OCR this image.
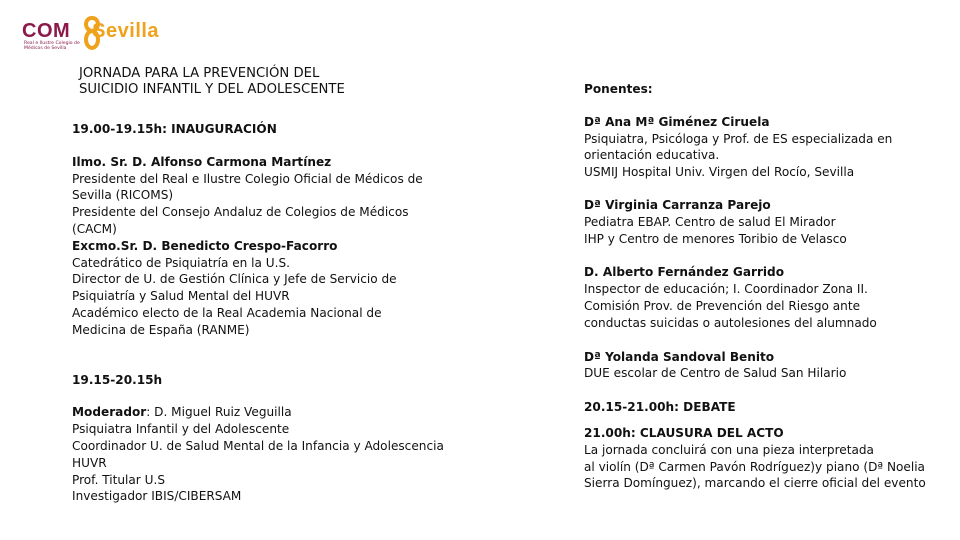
COM Sevilla
Real e Ilustre Colegio de Médicos de Sevilla
JORNADA PARA LA PREVENCIÓN DEL
SUICIDIO INFANTIL Y DEL ADOLESCENTE

19.00-19.15h: INAUGURACIÓN

Ilmo. Sr. D. Alfonso Carmona Martínez

Presidente del Real e Ilustre Colegio Oficial de Médicos de

Sevilla (RICOMS)

Presidente del Consejo Andaluz de Colegios de Médicos

(CACM)

Excmo.Sr. D. Benedicto Crespo-Facorro

Catedrático de Psiquiatría en la U.S.

Director de U. de Gestión Clínica y Jefe de Servicio de

Psiquiatría y Salud Mental del HUVR

Académico electo de la Real Academia Nacional de

Medicina de España (RANME)

19.15-20.15h

Moderador: D. Miguel Ruiz Veguilla

Psiquiatra Infantil y del Adolescente

Coordinador U. de Salud Mental de la Infancia y Adolescencia

HUVR

Prof. Titular U.S

Investigador IBIS/CIBERSAM

Ponentes:

Dª Ana Mª Giménez Ciruela

Psiquiatra, Psicóloga y Prof. de ES especializada en

orientación educativa.

USMIJ Hospital Univ. Virgen del Rocío, Sevilla

Dª Virginia Carranza Parejo

Pediatra EBAP. Centro de salud El Mirador

IHP y Centro de menores Toribio de Velasco

D. Alberto Fernández Garrido

Inspector de educación; I. Coordinador Zona II.

Comisión Prov. de Prevención del Riesgo ante

conductas suicidas o autolesiones del alumnado

Dª Yolanda Sandoval Benito

DUE escolar de Centro de Salud San Hilario

20.15-21.00h: DEBATE

21.00h: CLAUSURA DEL ACTO

La jornada concluirá con una pieza interpretada

al violín (Dª Carmen Pavón Rodríguez)y piano (Dª Noelia

Sierra Domínguez), marcando el cierre oficial del evento
